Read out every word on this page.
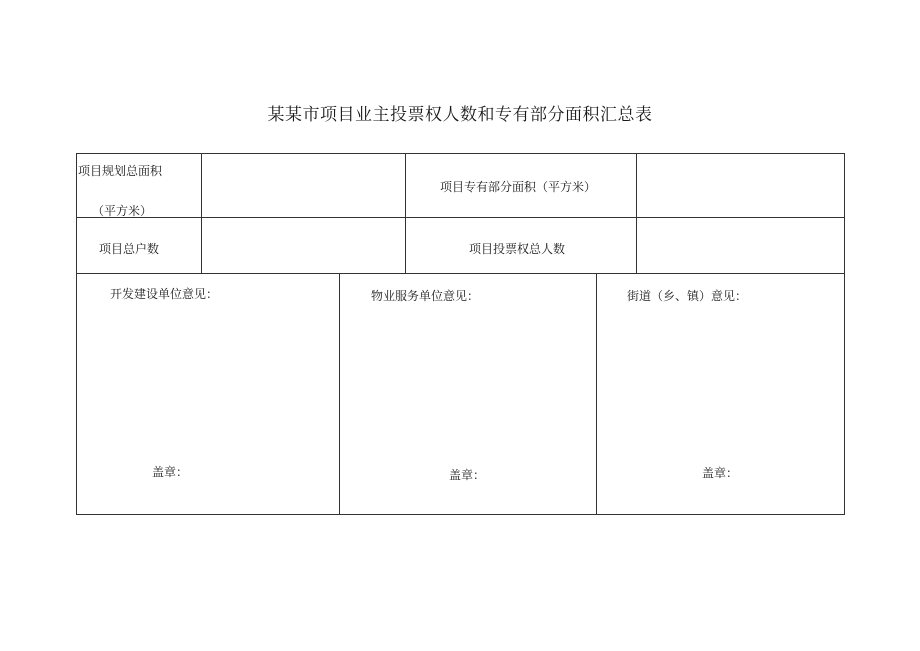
某某市项目业主投票权人数和专有部分面积汇总表
项目规划总面积
（平方米）
项目专有部分面积（平方米）
项目总户数	项目投票权总人数
开发建设单位意见：
盖章：
物业服务单位意见：
盖章：
街道（乡、镇）意见：
盖章：
